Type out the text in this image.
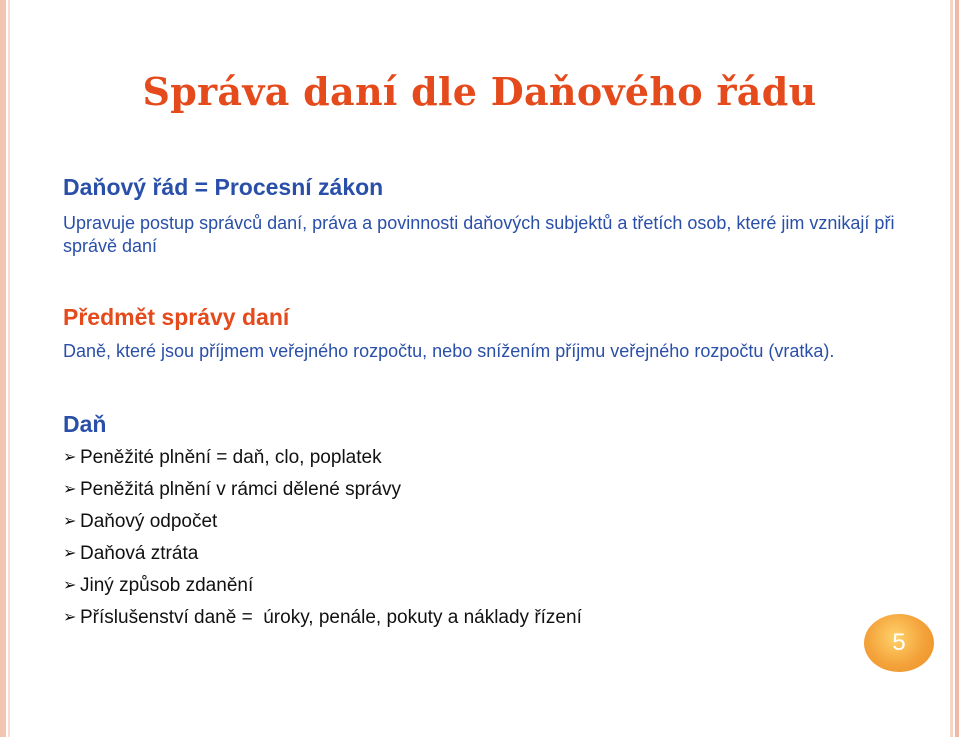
Správa daní dle Daňového řádu
Daňový řád = Procesní zákon

Upravuje postup správců daní, práva a povinnosti daňových subjektů a třetích osob, které jim vznikají při správě daní

Předmět správy daní

Daně, které jsou příjmem veřejného rozpočtu, nebo snížením příjmu veřejného rozpočtu (vratka).

Daň
➢ Peněžité plnění = daň, clo, poplatek
➢ Peněžitá plnění v rámci dělené správy
➢ Daňový odpočet
➢ Daňová ztráta
➢ Jiný způsob zdanění
➢ Příslušenství daně =  úroky, penále, pokuty a náklady řízení
5
